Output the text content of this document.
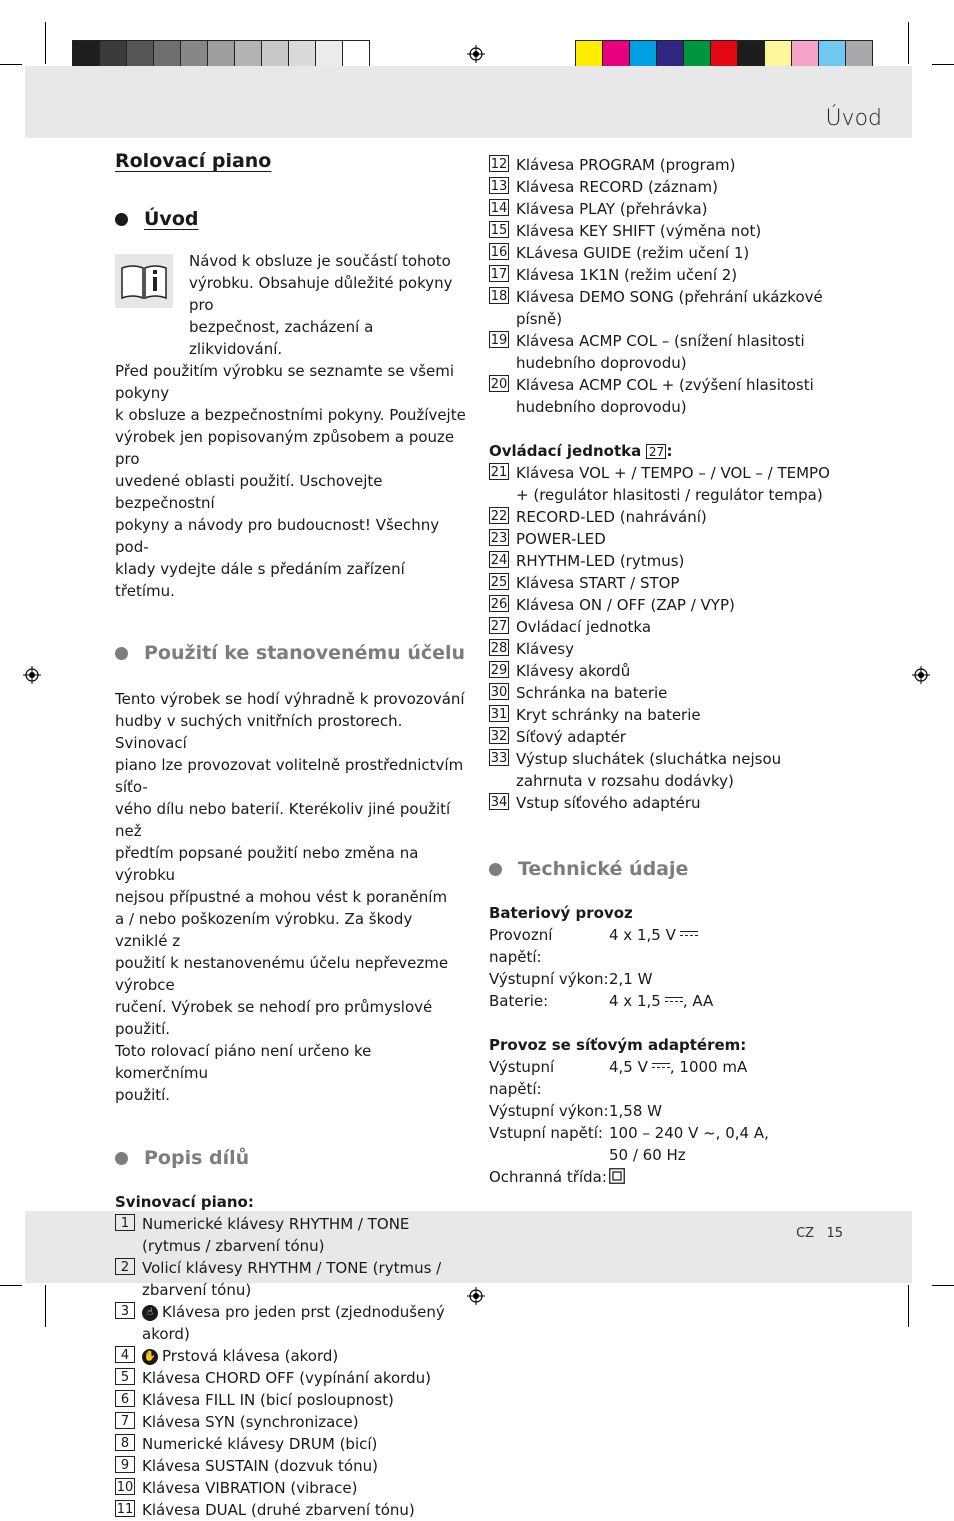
Úvod
CZ 15
Rolovací piano
Úvod
Návod k obsluze je součástí tohoto
výrobku. Obsahuje důležité pokyny pro
bezpečnost, zacházení a zlikvidování.
Před použitím výrobku se seznamte se všemi pokyny
k obsluze a bezpečnostními pokyny. Používejte
výrobek jen popisovaným způsobem a pouze pro
uvedené oblasti použití. Uschovejte bezpečnostní
pokyny a návody pro budoucnost! Všechny pod-
klady vydejte dále s předáním zařízení třetímu.
Použití ke stanovenému účelu
Tento výrobek se hodí výhradně k provozování
hudby v suchých vnitřních prostorech. Svinovací
piano lze provozovat volitelně prostřednictvím síťo-
vého dílu nebo baterií. Kterékoliv jiné použití než
předtím popsané použití nebo změna na výrobku
nejsou přípustné a mohou vést k poraněním
a / nebo poškozením výrobku. Za škody vzniklé z
použití k nestanovenému účelu nepřevezme výrobce
ručení. Výrobek se nehodí pro průmyslové použití.
Toto rolovací piáno není určeno ke komerčnímu
použití.
Popis dílů
Svinovací piano:
1 Numerické klávesy RHYTHM / TONE (rytmus / zbarvení tónu)
2 Volicí klávesy RHYTHM / TONE (rytmus / zbarvení tónu)
3	☝ Klávesa pro jeden prst (zjednodušený akord)
4	✋ Prstová klávesa (akord)
5 Klávesa CHORD OFF (vypínání akordu)
6 Klávesa FILL IN (bicí posloupnost)
7 Klávesa SYN (synchronizace)
8 Numerické klávesy DRUM (bicí)
9 Klávesa SUSTAIN (dozvuk tónu)
10 Klávesa VIBRATION (vibrace)
11 Klávesa DUAL (druhé zbarvení tónu)
12 Klávesa PROGRAM (program)
13 Klávesa RECORD (záznam)
14 Klávesa PLAY (přehrávka)
15 Klávesa KEY SHIFT (výměna not)
16 KLávesa GUIDE (režim učení 1)
17 Klávesa 1K1N (režim učení 2)
18 Klávesa DEMO SONG (přehrání ukázkové písně)
19 Klávesa ACMP COL – (snížení hlasitosti hudebního doprovodu)
20 Klávesa ACMP COL + (zvýšení hlasitosti hudebního doprovodu)
Ovládací jednotka 27 :
21 Klávesa VOL + / TEMPO – / VOL – / TEMPO + (regulátor hlasitosti / regulátor tempa)
22 RECORD-LED (nahrávání)
23 POWER-LED
24 RHYTHM-LED (rytmus)
25 Klávesa START / STOP
26 Klávesa ON / OFF (ZAP / VYP)
27 Ovládací jednotka
28 Klávesy
29 Klávesy akordů
30 Schránka na baterie
31 Kryt schránky na baterie
32 Síťový adaptér
33 Výstup sluchátek (sluchátka nejsou zahrnuta v rozsahu dodávky)
34 Vstup síťového adaptéru
Technické údaje
Bateriový provoz
Provozní napětí:
4 x 1,5 V
Výstupní výkon: 2,1 W
Baterie:	4 x 1,5 , AA
Provoz se síťovým adaptérem:
Výstupní napětí:
4,5 V , 1000 mA
Výstupní výkon: 1,58 W
Vstupní napětí: 100 – 240 V ~, 0,4 A,
50 / 60 Hz
Ochranná třída:
